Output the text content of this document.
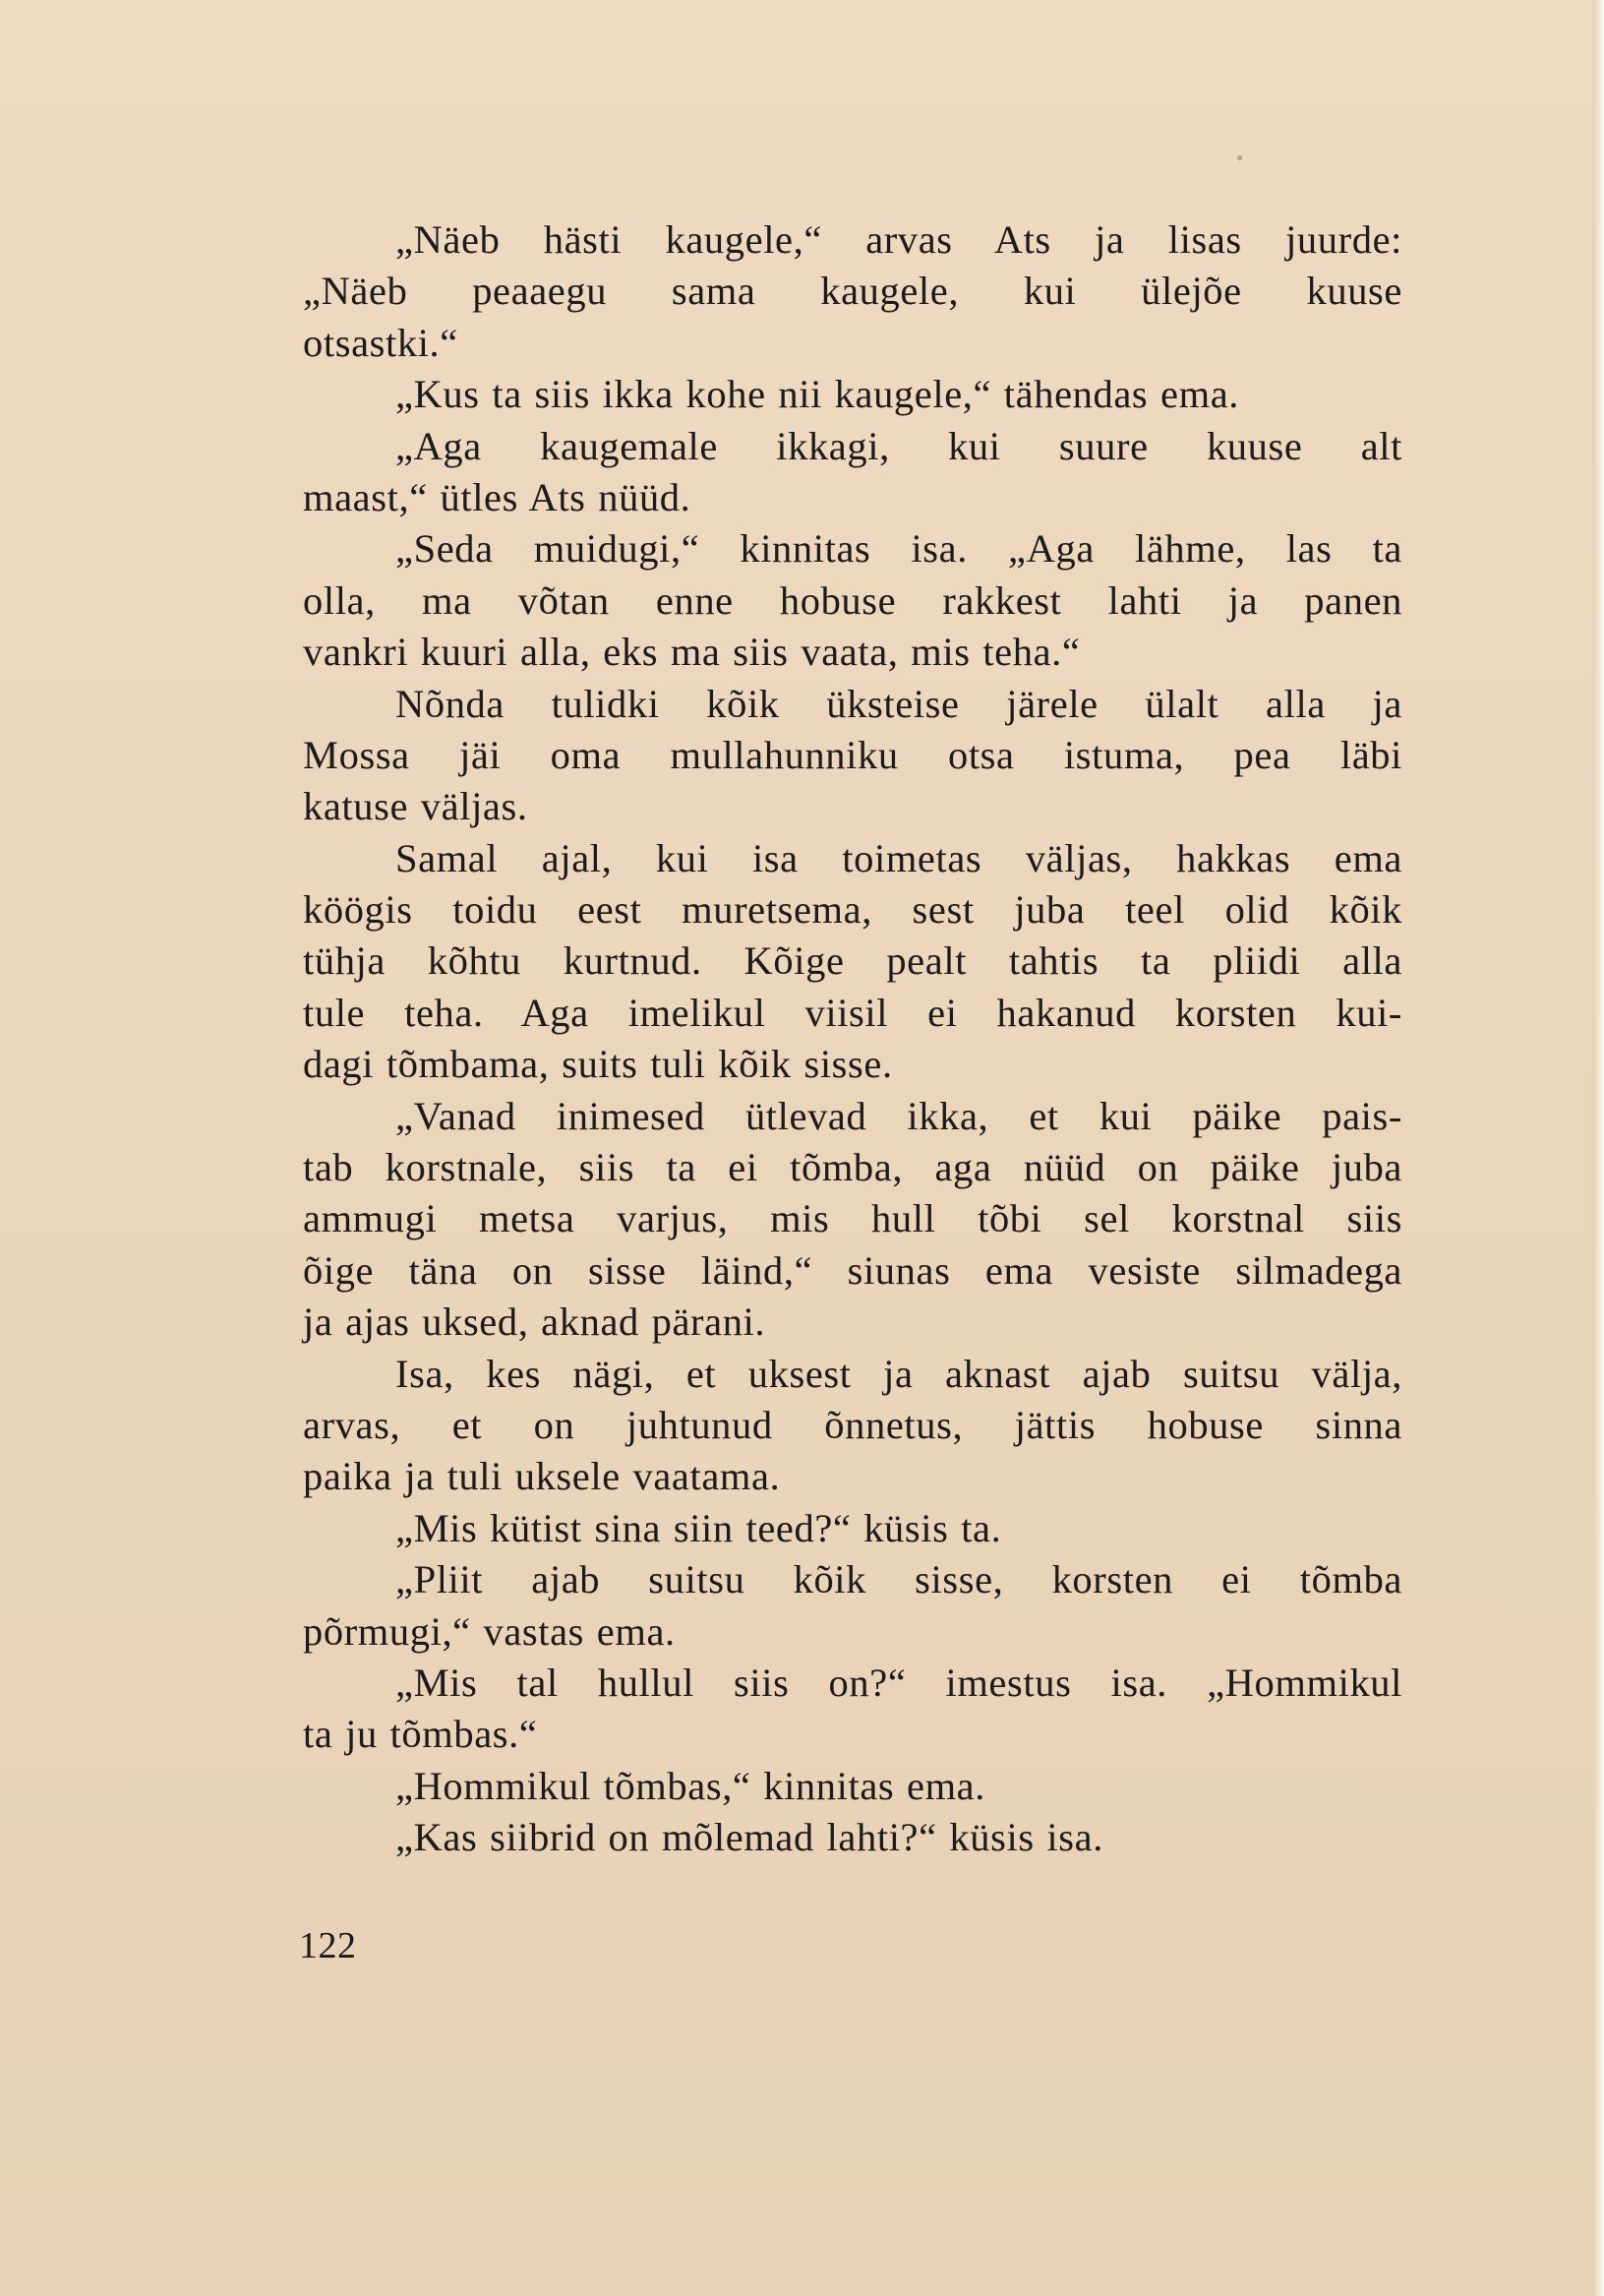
„Näeb hästi kaugele,“ arvas Ats ja lisas juurde:
„Näeb peaaegu sama kaugele, kui ülejõe kuuse
otsastki.“
„Kus ta siis ikka kohe nii kaugele,“ tähendas ema.
„Aga kaugemale ikkagi, kui suure kuuse alt
maast,“ ütles Ats nüüd.
„Seda muidugi,“ kinnitas isa. „Aga lähme, las ta
olla, ma võtan enne hobuse rakkest lahti ja panen
vankri kuuri alla, eks ma siis vaata, mis teha.“
Nõnda tulidki kõik üksteise järele ülalt alla ja
Mossa jäi oma mullahunniku otsa istuma, pea läbi
katuse väljas.
Samal ajal, kui isa toimetas väljas, hakkas ema
köögis toidu eest muretsema, sest juba teel olid kõik
tühja kõhtu kurtnud. Kõige pealt tahtis ta pliidi alla
tule teha. Aga imelikul viisil ei hakanud korsten kui-
dagi tõmbama, suits tuli kõik sisse.
„Vanad inimesed ütlevad ikka, et kui päike pais-
tab korstnale, siis ta ei tõmba, aga nüüd on päike juba
ammugi metsa varjus, mis hull tõbi sel korstnal siis
õige täna on sisse läind,“ siunas ema vesiste silmadega
ja ajas uksed, aknad pärani.
Isa, kes nägi, et uksest ja aknast ajab suitsu välja,
arvas, et on juhtunud õnnetus, jättis hobuse sinna
paika ja tuli uksele vaatama.
„Mis kütist sina siin teed?“ küsis ta.
„Pliit ajab suitsu kõik sisse, korsten ei tõmba
põrmugi,“ vastas ema.
„Mis tal hullul siis on?“ imestus isa. „Hommikul
ta ju tõmbas.“
„Hommikul tõmbas,“ kinnitas ema.
„Kas siibrid on mõlemad lahti?“ küsis isa.
122
